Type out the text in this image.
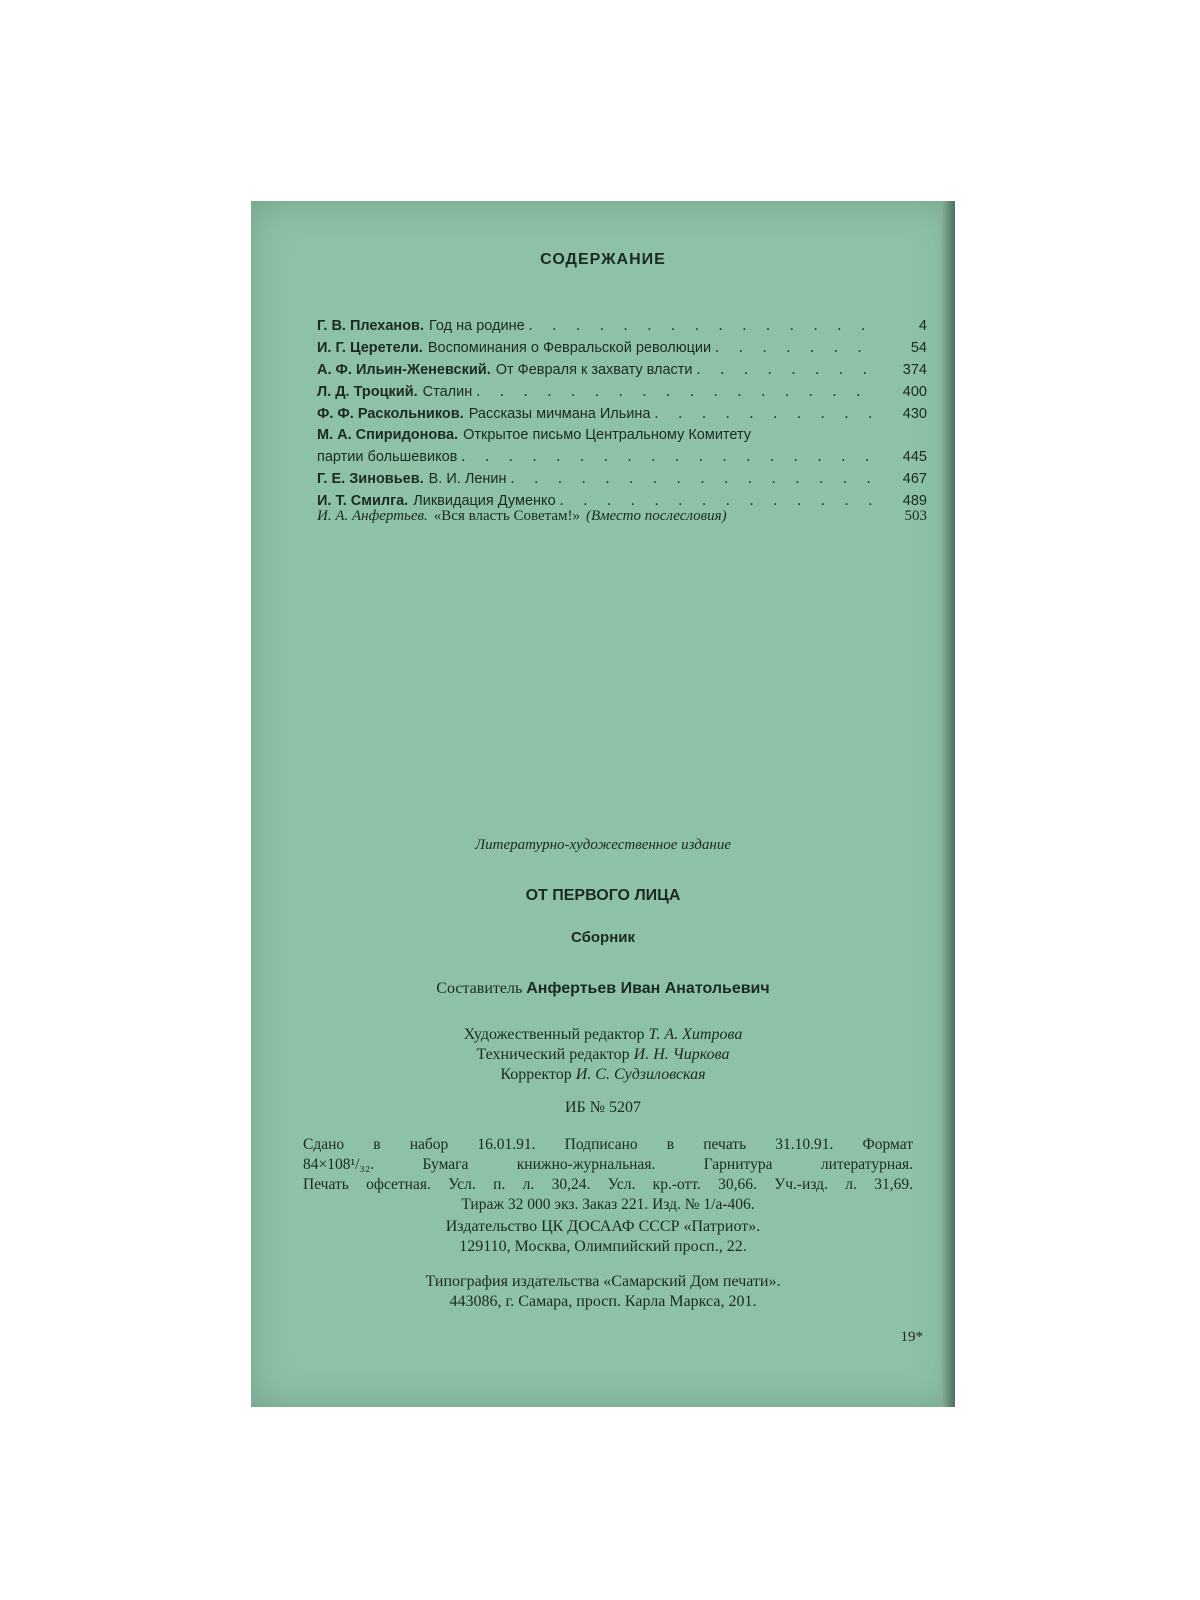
СОДЕРЖАНИЕ
Г. В. Плеханов. Год на родине . . .	4
И. Г. Церетели. Воспоминания о Февральской революции . . .	54
А. Ф. Ильин-Женевский. От Февраля к захвату власти . . .	374
Л. Д. Троцкий. Сталин . . .	400
Ф. Ф. Раскольников. Рассказы мичмана Ильина . . .	430
М. А. Спиридонова. Открытое письмо Центральному Комитету
партии большевиков . . .	445
Г. Е. Зиновьев. В. И. Ленин . . .	467
И. Т. Смилга. Ликвидация Думенко . . .	489
И. А. Анфертьев. «Вся власть Советам!» (Вместо послесловия)	503
Литературно-художественное издание
ОТ ПЕРВОГО ЛИЦА
Сборник
Составитель Анфертьев Иван Анатольевич
Художественный редактор Т. А. Хитрова
Технический редактор И. Н. Чиркова
Корректор И. С. Судзиловская
ИБ № 5207
Сдано в набор 16.01.91. Подписано в печать 31.10.91. Формат
84×108¹/₃₂. Бумага книжно-журнальная. Гарнитура литературная.
Печать офсетная. Усл. п. л. 30,24. Усл. кр.-отт. 30,66. Уч.-изд. л. 31,69.
Тираж 32 000 экз. Заказ 221. Изд. № 1/а-406.
Издательство ЦК ДОСААФ СССР «Патриот».
129110, Москва, Олимпийский просп., 22.
Типография издательства «Самарский Дом печати».
443086, г. Самара, просп. Карла Маркса, 201.
19*
